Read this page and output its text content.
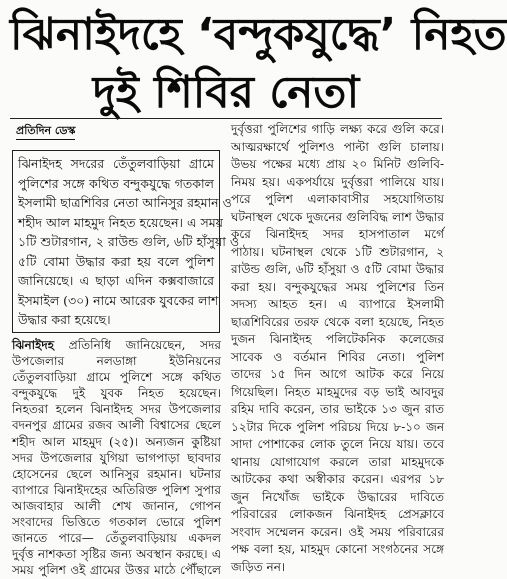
ঝিনাইদহে ‘বন্দুকযুদ্ধে’ নিহত
দুই শিবির নেতা
প্রতিদিন ডেস্ক
ঝিনাইদহ সদরের তেঁতুলবাড়িয়া গ্রামে
পুলিশের সঙ্গে কথিত বন্দুকযুদ্ধে গতকাল
ইসলামী ছাত্রশিবির নেতা আনিসুর রহমান ও
শহীদ আল মাহমুদ নিহত হয়েছেন। এ সময়
১টি শুটারগান, ২ রাউন্ড গুলি, ৬টি হাঁসুয়া ও
৫টি বোমা উদ্ধার করা হয় বলে পুলিশ
জানিয়েছে। এ ছাড়া এদিন কক্সবাজারে
ইসমাইল (৩০) নামে আরেক যুবকের লাশ
উদ্ধার করা হয়েছে।
ঝিনাইদহ প্রতিনিধি জানিয়েছেন, সদর
উপজেলার নলডাঙ্গা ইউনিয়নের
তেঁতুলবাড়িয়া গ্রামে পুলিশে সঙ্গে কথিত
বন্দুকযুদ্ধে দুই যুবক নিহত হয়েছেন।
নিহতরা হলেন ঝিনাইদহ সদর উপজেলার
বদনপুর গ্রামের রজব আলী বিশ্বাসের ছেলে
শহীদ আল মাহমুদ (২৫)। অন্যজন কুষ্টিয়া
সদর উপজেলার যুগিয়া ভাগপাড়া ছাবদার
হোসেনের ছেলে আনিসুর রহমান। ঘটনার
ব্যাপারে ঝিনাইদহের অতিরিক্ত পুলিশ সুপার
আজবাহার আলী শেখ জানান, গোপন
সংবাদের ভিত্তিতে গতকাল ভোরে পুলিশ
জানতে পারে— তেঁতুলবাড়িয়ায় একদল
দুর্বৃত্ত নাশকতা সৃষ্টির জন্য অবস্থান করছে। এ
সময় পুলিশ ওই গ্রামের উত্তর মাঠে পৌঁছালে
দুর্বৃত্তরা পুলিশের গাড়ি লক্ষ্য করে গুলি করে।
আত্মরক্ষার্থে পুলিশও পাল্টা গুলি চালায়।
উভয় পক্ষের মধ্যে প্রায় ২০ মিনিট গুলিবি-
নিময় হয়। একপর্যায়ে দুর্বৃত্তরা পালিয়ে যায়।
পরে পুলিশ এলাকাবাসীর সহযোগিতায়
ঘটনাস্থল থেকে দুজনের গুলিবিদ্ধ লাশ উদ্ধার
করে ঝিনাইদহ সদর হাসপাতাল মর্গে
পাঠায়। ঘটনাস্থল থেকে ১টি শুটারগান, ২
রাউন্ড গুলি, ৬টি হাঁসুয়া ও ৫টি বোমা উদ্ধার
করা হয়। বন্দুকযুদ্ধের সময় পুলিশের তিন
সদস্য আহত হন। এ ব্যাপারে ইসলামী
ছাত্রশিবিরের তরফ থেকে বলা হয়েছে, নিহত
দুজন ঝিনাইদহ পলিটেকনিক কলেজের
সাবেক ও বর্তমান শিবির নেতা। পুলিশ
তাদের ১৫ দিন আগে আটক করে নিয়ে
গিয়েছিল। নিহত মাহমুদের বড় ভাই আবদুর
রহিম দাবি করেন, তার ভাইকে ১৩ জুন রাত
১২টার দিকে পুলিশ পরিচয় দিয়ে ৮-১০ জন
সাদা পোশাকের লোক তুলে নিয়ে যায়। তবে
থানায় যোগাযোগ করলে তারা মাহমুদকে
আটকের কথা অস্বীকার করেন। এরপর ১৮
জুন নিখোঁজ ভাইকে উদ্ধারের দাবিতে
পরিবারের লোকজন ঝিনাইদহ প্রেসক্লাবে
সংবাদ সম্মেলন করেন। ওই সময় পরিবারের
পক্ষ বলা হয়, মাহমুদ কোনো সংগঠনের সঙ্গে
জড়িত নন।
